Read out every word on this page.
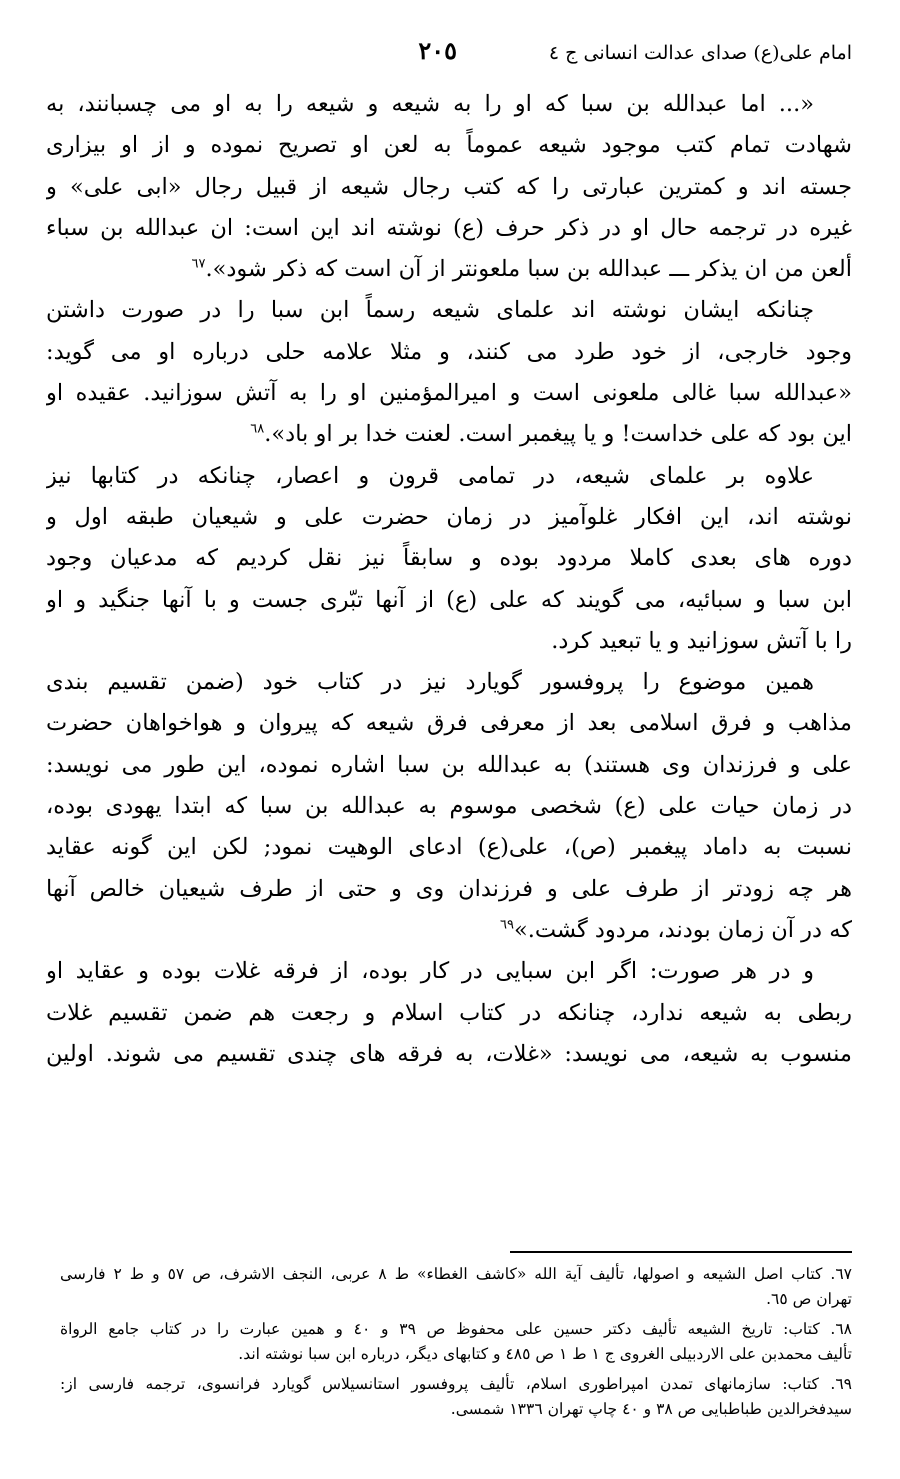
امام علی(ع) صدای عدالت انسانی ج ٤
٢٠٥
«... اما عبدالله بن سبا که او را به شیعه و شیعه را به او می چسبانند، به
شهادت تمام کتب موجود شیعه عموماً به لعن او تصریح نموده و از او بیزاری
جسته اند و کمترین عبارتی را که کتب رجال شیعه از قبیل رجال «ابی علی» و
غیره در ترجمه حال او در ذکر حرف (ع) نوشته اند این است: ان عبدالله بن سباء
ألعن من ان یذکر ـــ عبدالله بن سبا ملعونتر از آن است که ذکر شود».$^{٦٧}$
چنانکه ایشان نوشته اند علمای شیعه رسماً ابن سبا را در صورت داشتن
وجود خارجی، از خود طرد می کنند، و مثلا علامه حلی درباره او می گوید:
«عبدالله سبا غالی ملعونی است و امیرالمؤمنین او را به آتش سوزانید. عقیده او
این بود که علی خداست! و یا پیغمبر است. لعنت خدا بر او باد».$^{٦٨}$
علاوه بر علمای شیعه، در تمامی قرون و اعصار، چنانکه در کتابها نیز
نوشته اند، این افکار غلوآمیز در زمان حضرت علی و شیعیان طبقه اول و
دوره های بعدی کاملا مردود بوده و سابقاً نیز نقل کردیم که مدعیان وجود
ابن سبا و سبائیه، می گویند که علی (ع) از آنها تبّری جست و با آنها جنگید و او
را با آتش سوزانید و یا تبعید کرد.
همین موضوع را پروفسور گویارد نیز در کتاب خود (ضمن تقسیم بندی
مذاهب و فرق اسلامی بعد از معرفی فرق شیعه که پیروان و هواخواهان حضرت
علی و فرزندان وی هستند) به عبدالله بن سبا اشاره نموده، این طور می نویسد:
در زمان حیات علی (ع) شخصی موسوم به عبدالله بن سبا که ابتدا یهودی بوده،
نسبت به داماد پیغمبر (ص)، علی(ع) ادعای الوهیت نمود; لکن این گونه عقاید
هر چه زودتر از طرف علی و فرزندان وی و حتی از طرف شیعیان خالص آنها
که در آن زمان بودند، مردود گشت.»$^{٦٩}$
و در هر صورت: اگر ابن سبایی در کار بوده، از فرقه غلات بوده و عقاید او
ربطی به شیعه ندارد، چنانکه در کتاب اسلام و رجعت هم ضمن تقسیم غلات
منسوب به شیعه، می نویسد: «غلات، به فرقه های چندی تقسیم می شوند. اولین
٦٧. کتاب اصل الشیعه و اصولها، تألیف آیة الله «کاشف الغطاء» ط ٨ عربی، النجف الاشرف، ص ٥٧ و ط ٢ فارسی
تهران ص ٦٥.
٦٨. کتاب: تاریخ الشیعه تألیف دکتر حسین علی محفوظ ص ٣٩ و ٤٠ و همین عبارت را در کتاب جامع الرواة
تألیف محمدبن علی الاردبیلی الغروی ج ١ ط ١ ص ٤٨٥ و کتابهای دیگر، درباره ابن سبا نوشته اند.
٦٩. کتاب: سازمانهای تمدن امپراطوری اسلام، تألیف پروفسور استانسیلاس گویارد فرانسوی، ترجمه فارسی از:
سیدفخرالدین طباطبایی ص ٣٨ و ٤٠ چاپ تهران ١٣٣٦ شمسی.
